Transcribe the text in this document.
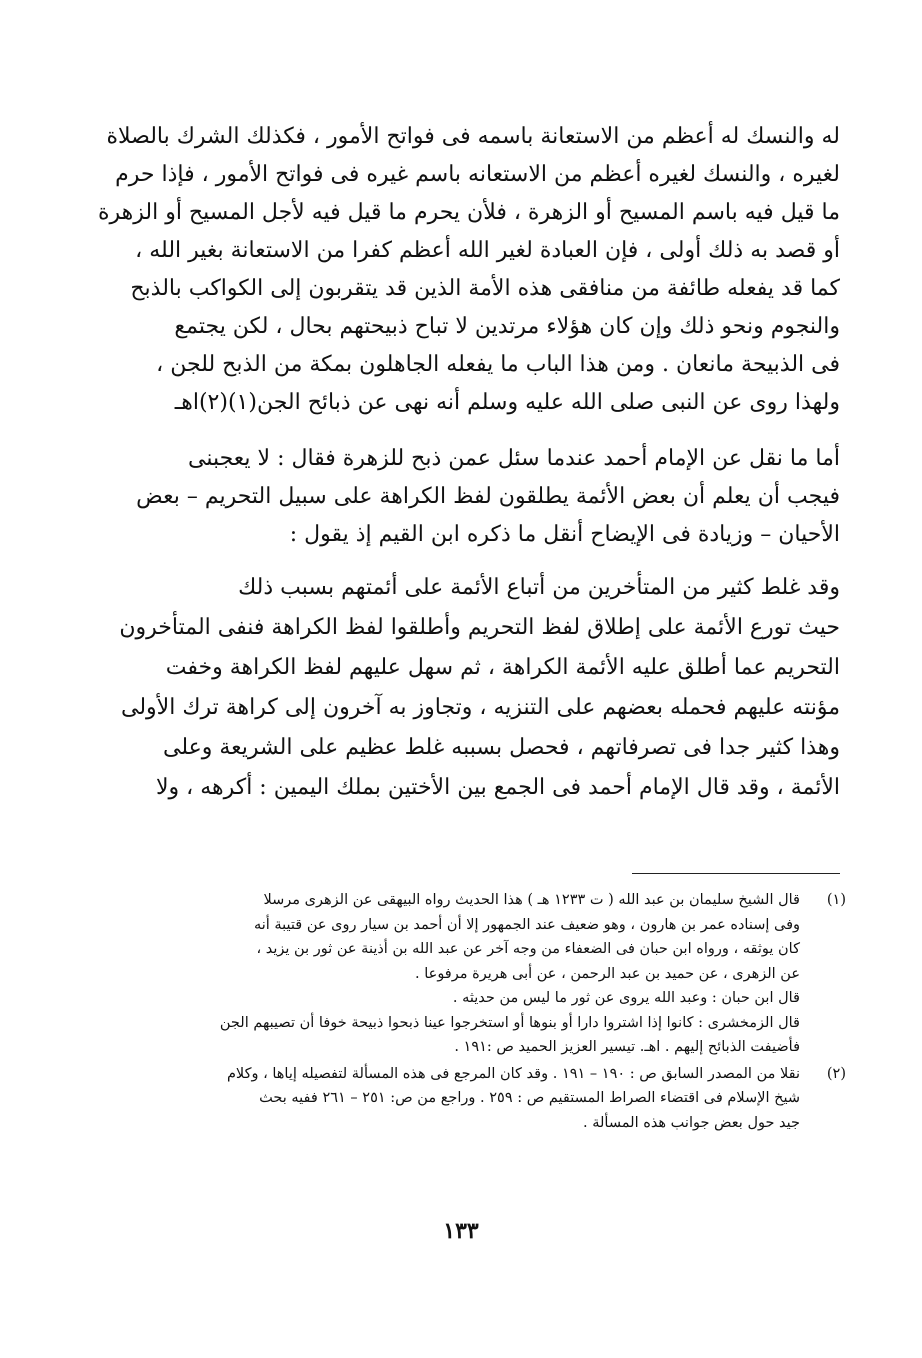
له والنسك له أعظم من الاستعانة باسمه فى فواتح الأمور ، فكذلك الشرك بالصلاة
لغيره ، والنسك لغيره أعظم من الاستعانه باسم غيره فى فواتح الأمور ، فإذا حرم
ما قيل فيه باسم المسيح أو الزهرة ، فلأن يحرم ما قيل فيه لأجل المسيح أو الزهرة
أو قصد به ذلك أولى ، فإن العبادة لغير الله أعظم كفرا من الاستعانة بغير الله ،
كما قد يفعله طائفة من منافقى هذه الأمة الذين قد يتقربون إلى الكواكب بالذبح
والنجوم ونحو ذلك وإن كان هؤلاء مرتدين لا تباح ذبيحتهم بحال ، لكن يجتمع
فى الذبيحة مانعان . ومن هذا الباب ما يفعله الجاهلون بمكة من الذبح للجن ،
ولهذا روى عن النبى صلى الله عليه وسلم أنه نهى عن ذبائح الجن(١)(٢)اهـ

أما ما نقل عن الإمام أحمد عندما سئل عمن ذبح للزهرة فقال : لا يعجبنى
فيجب أن يعلم أن بعض الأئمة يطلقون لفظ الكراهة على سبيل التحريم – بعض
الأحيان – وزيادة فى الإيضاح أنقل ما ذكره ابن القيم إذ يقول :

وقد غلط كثير من المتأخرين من أتباع الأئمة على أئمتهم بسبب ذلك
حيث تورع الأئمة على إطلاق لفظ التحريم وأطلقوا لفظ الكراهة فنفى المتأخرون
التحريم عما أطلق عليه الأئمة الكراهة ، ثم سهل عليهم لفظ الكراهة وخفت
مؤنته عليهم فحمله بعضهم على التنزيه ، وتجاوز به آخرون إلى كراهة ترك الأولى
وهذا كثير جدا فى تصرفاتهم ، فحصل بسببه غلط عظيم على الشريعة وعلى
الأئمة ، وقد قال الإمام أحمد فى الجمع بين الأختين بملك اليمين : أكرهه ، ولا

(١)
قال الشيخ سليمان بن عبد الله ( ت ١٢٣٣ هـ ) هذا الحديث رواه البيهقى عن الزهرى مرسلا
وفى إسناده عمر بن هارون ، وهو ضعيف عند الجمهور إلا أن أحمد بن سيار روى عن قتيبة أنه
كان يوثقه ، ورواه ابن حبان فى الضعفاء من وجه آخر عن عبد الله بن أذينة عن ثور بن يزيد ،
عن الزهرى ، عن حميد بن عبد الرحمن ، عن أبى هريرة مرفوعا .
قال ابن حبان : وعبد الله يروى عن ثور ما ليس من حديثه .
قال الزمخشرى : كانوا إذا اشتروا دارا أو بنوها أو استخرجوا عينا ذبحوا ذبيحة خوفا أن تصيبهم الجن
فأضيفت الذبائح إليهم . اهـ. تيسير العزيز الحميد ص :١٩١ .
(٢)
نقلا من المصدر السابق ص : ١٩٠ – ١٩١ . وقد كان المرجع فى هذه المسألة لتفصيله إياها ، وكلام
شيخ الإسلام فى اقتضاء الصراط المستقيم ص : ٢٥٩ . وراجع من ص: ٢٥١ – ٢٦١ ففيه بحث
جيد حول بعض جوانب هذه المسألة .
١٣٣
